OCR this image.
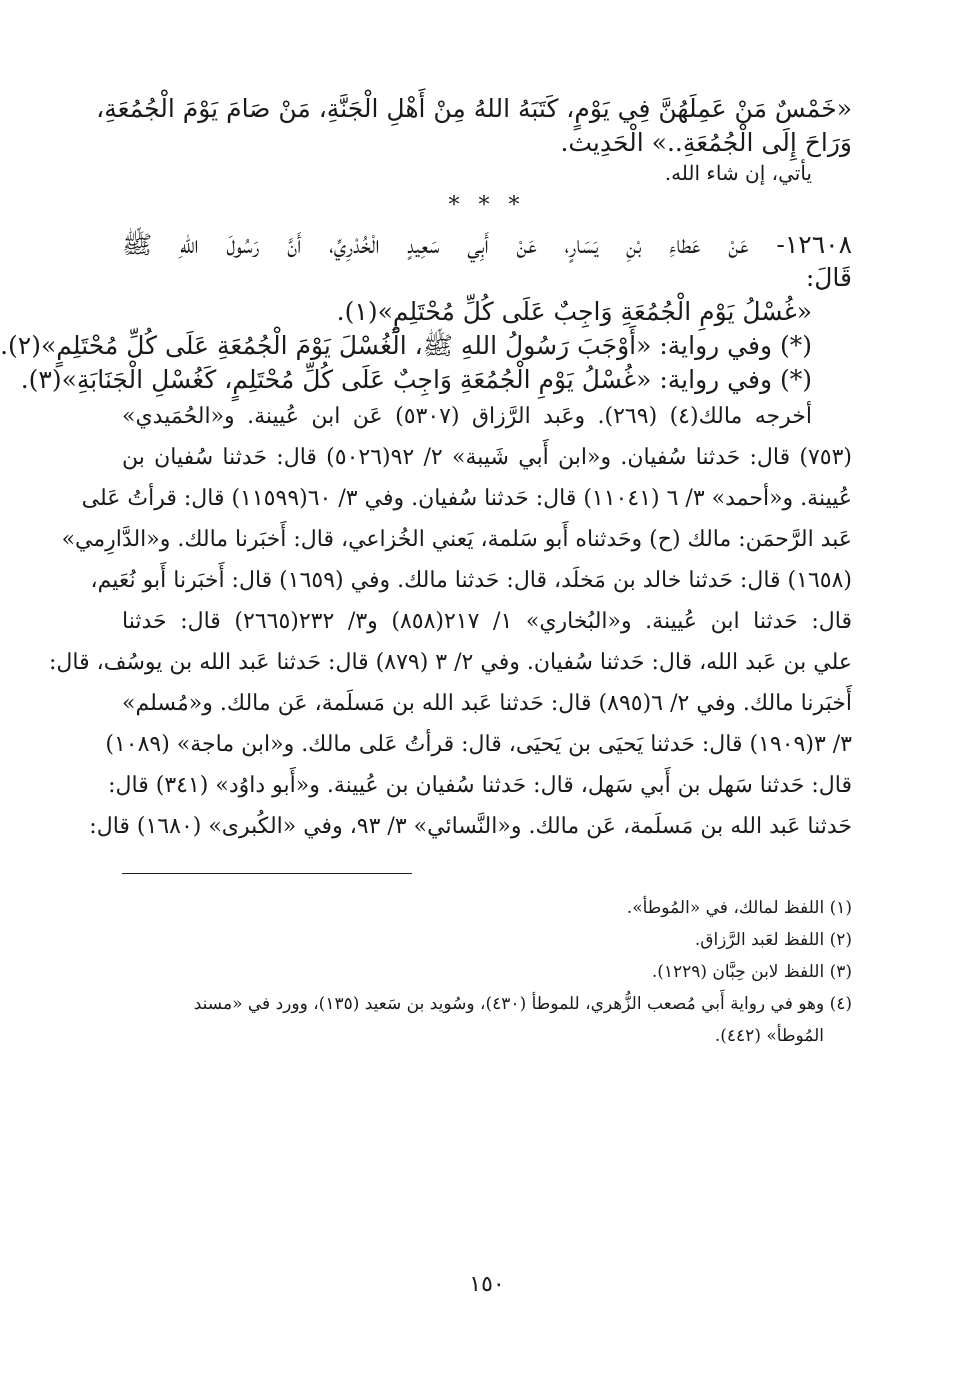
«خَمْسٌ مَنْ عَمِلَهُنَّ فِي يَوْمٍ، كَتَبَهُ اللهُ مِنْ أَهْلِ الْجَنَّةِ، مَنْ صَامَ يَوْمَ الْجُمُعَةِ،

وَرَاحَ إِلَى الْجُمُعَةِ..» الْحَدِيث.

يأتي، إن شاء الله.

* * *

١٢٦٠٨- عَنْ عَطاءِ بْنِ يَسَارٍ، عَنْ أَبِي سَعِيدٍ الْخُدْرِيِّ، أَنَّ رَسُولَ اللهِ ﷺ

قَالَ:

«غُسْلُ يَوْمِ الْجُمُعَةِ وَاجِبٌ عَلَى كُلِّ مُحْتَلِمٍ»(١).

(*) وفي رواية: «أَوْجَبَ رَسُولُ اللهِ ﷺ، الْغُسْلَ يَوْمَ الْجُمُعَةِ عَلَى كُلِّ مُحْتَلِمٍ»(٢).

(*) وفي رواية: «غُسْلُ يَوْمِ الْجُمُعَةِ وَاجِبٌ عَلَى كُلِّ مُحْتَلِمٍ، كَغُسْلِ الْجَنَابَةِ»(٣).

أخرجه مالك(٤) (٢٦٩). وعَبد الرَّزاق (٥٣٠٧) عَن ابن عُيينة. و«الحُمَيدي»

(٧٥٣) قال: حَدثنا سُفيان. و«ابن أَبي شَيبة» ٢/ ٩٢(٥٠٢٦) قال: حَدثنا سُفيان بن

عُيينة. و«أحمد» ٣/ ٦ (١١٠٤١) قال: حَدثنا سُفيان. وفي ٣/ ٦٠(١١٥٩٩) قال: قرأتُ عَلى

عَبد الرَّحمَن: مالك (ح) وحَدثناه أَبو سَلمة، يَعني الخُزاعي، قال: أَخبَرنا مالك. و«الدَّارِمي»

(١٦٥٨) قال: حَدثنا خالد بن مَخلَد، قال: حَدثنا مالك. وفي (١٦٥٩) قال: أَخبَرنا أَبو نُعَيم،

قال: حَدثنا ابن عُيينة. و«البُخاري» ١/ ٢١٧(٨٥٨) و٣/ ٢٣٢(٢٦٦٥) قال: حَدثنا

علي بن عَبد الله، قال: حَدثنا سُفيان. وفي ٢/ ٣ (٨٧٩) قال: حَدثنا عَبد الله بن يوسُف، قال:

أَخبَرنا مالك. وفي ٢/ ٦(٨٩٥) قال: حَدثنا عَبد الله بن مَسلَمة، عَن مالك. و«مُسلم»

٣/ ٣(١٩٠٩) قال: حَدثنا يَحيَى بن يَحيَى، قال: قرأتُ عَلى مالك. و«ابن ماجة» (١٠٨٩)

قال: حَدثنا سَهل بن أَبي سَهل، قال: حَدثنا سُفيان بن عُيينة. و«أَبو داوُد» (٣٤١) قال:

حَدثنا عَبد الله بن مَسلَمة، عَن مالك. و«النَّسائي» ٣/ ٩٣، وفي «الكُبرى» (١٦٨٠) قال:

(١) اللفظ لمالك، في «المُوطأ».

(٢) اللفظ لعَبد الرَّزاق.

(٣) اللفظ لابن حِبَّان (١٢٢٩).

(٤) وهو في رواية أَبي مُصعب الزُّهري، للموطأ (٤٣٠)، وسُويد بن سَعيد (١٣٥)، وورد في «مسند

المُوطأ» (٤٤٢).

١٥٠
